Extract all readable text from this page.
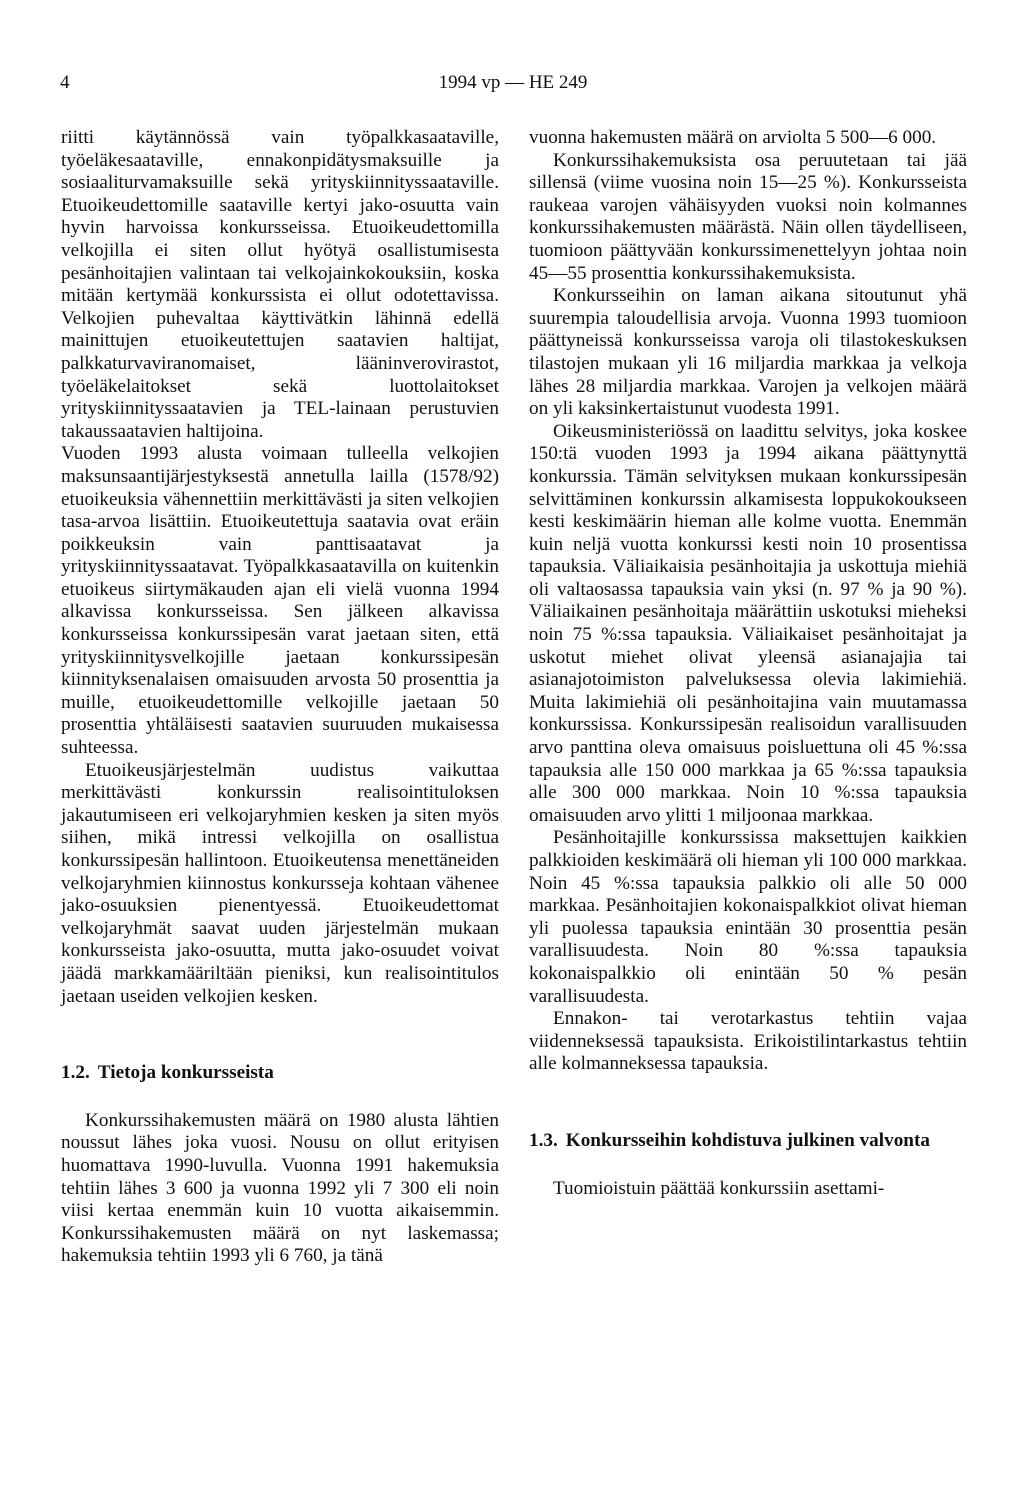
4	1994 vp — HE 249

riitti käytännössä vain työpalkkasaataville, työeläkesaataville, ennakonpidätysmaksuille ja sosiaaliturvamaksuille sekä yrityskiinnityssaataville. Etuoikeudettomille saataville kertyi jako-osuutta vain hyvin harvoissa konkursseissa. Etuoikeudettomilla velkojilla ei siten ollut hyötyä osallistumisesta pesänhoitajien valintaan tai velkojainkokouksiin, koska mitään kertymää konkurssista ei ollut odotettavissa. Velkojien puhevaltaa käyttivätkin lähinnä edellä mainittujen etuoikeutettujen saatavien haltijat, palkkaturvaviranomaiset, lääninverovirastot, työeläkelaitokset sekä luottolaitokset yrityskiinnityssaatavien ja TEL-lainaan perustuvien takaussaatavien haltijoina.

Vuoden 1993 alusta voimaan tulleella velkojien maksunsaantijärjestyksestä annetulla lailla (1578/92) etuoikeuksia vähennettiin merkittävästi ja siten velkojien tasa-arvoa lisättiin. Etuoikeutettuja saatavia ovat eräin poikkeuksin vain panttisaatavat ja yrityskiinnityssaatavat. Työpalkkasaatavilla on kuitenkin etuoikeus siirtymäkauden ajan eli vielä vuonna 1994 alkavissa konkursseissa. Sen jälkeen alkavissa konkursseissa konkurssipesän varat jaetaan siten, että yrityskiinnitysvelkojille jaetaan konkurssipesän kiinnityksenalaisen omaisuuden arvosta 50 prosenttia ja muille, etuoikeudettomille velkojille jaetaan 50 prosenttia yhtäläisesti saatavien suuruuden mukaisessa suhteessa.

Etuoikeusjärjestelmän uudistus vaikuttaa merkittävästi konkurssin realisointituloksen jakautumiseen eri velkojaryhmien kesken ja siten myös siihen, mikä intressi velkojilla on osallistua konkurssipesän hallintoon. Etuoikeutensa menettäneiden velkojaryhmien kiinnostus konkursseja kohtaan vähenee jako-osuuksien pienentyessä. Etuoikeudettomat velkojaryhmät saavat uuden järjestelmän mukaan konkursseista jako-osuutta, mutta jako-osuudet voivat jäädä markkamääriltään pieniksi, kun realisointitulos jaetaan useiden velkojien kesken.

1.2. Tietoja konkursseista

Konkurssihakemusten määrä on 1980 alusta lähtien noussut lähes joka vuosi. Nousu on ollut erityisen huomattava 1990-luvulla. Vuonna 1991 hakemuksia tehtiin lähes 3 600 ja vuonna 1992 yli 7 300 eli noin viisi kertaa enemmän kuin 10 vuotta aikaisemmin. Konkurssihakemusten määrä on nyt laskemassa; hakemuksia tehtiin 1993 yli 6 760, ja tänä

vuonna hakemusten määrä on arviolta 5 500—6 000.

Konkurssihakemuksista osa peruutetaan tai jää sillensä (viime vuosina noin 15—25 %). Konkursseista raukeaa varojen vähäisyyden vuoksi noin kolmannes konkurssihakemusten määrästä. Näin ollen täydelliseen, tuomioon päättyvään konkurssimenettelyyn johtaa noin 45—55 prosenttia konkurssihakemuksista.

Konkursseihin on laman aikana sitoutunut yhä suurempia taloudellisia arvoja. Vuonna 1993 tuomioon päättyneissä konkursseissa varoja oli tilastokeskuksen tilastojen mukaan yli 16 miljardia markkaa ja velkoja lähes 28 miljardia markkaa. Varojen ja velkojen määrä on yli kaksinkertaistunut vuodesta 1991.

Oikeusministeriössä on laadittu selvitys, joka koskee 150:tä vuoden 1993 ja 1994 aikana päättynyttä konkurssia. Tämän selvityksen mukaan konkurssipesän selvittäminen konkurssin alkamisesta loppukokoukseen kesti keskimäärin hieman alle kolme vuotta. Enemmän kuin neljä vuotta konkurssi kesti noin 10 prosentissa tapauksia. Väliaikaisia pesänhoitajia ja uskottuja miehiä oli valtaosassa tapauksia vain yksi (n. 97 % ja 90 %). Väliaikainen pesänhoitaja määrättiin uskotuksi mieheksi noin 75 %:ssa tapauksia. Väliaikaiset pesänhoitajat ja uskotut miehet olivat yleensä asianajajia tai asianajotoimiston palveluksessa olevia lakimiehiä. Muita lakimiehiä oli pesänhoitajina vain muutamassa konkurssissa. Konkurssipesän realisoidun varallisuuden arvo panttina oleva omaisuus poisluettuna oli 45 %:ssa tapauksia alle 150 000 markkaa ja 65 %:ssa tapauksia alle 300 000 markkaa. Noin 10 %:ssa tapauksia omaisuuden arvo ylitti 1 miljoonaa markkaa.

Pesänhoitajille konkurssissa maksettujen kaikkien palkkioiden keskimäärä oli hieman yli 100 000 markkaa. Noin 45 %:ssa tapauksia palkkio oli alle 50 000 markkaa. Pesänhoitajien kokonaispalkkiot olivat hieman yli puolessa tapauksia enintään 30 prosenttia pesän varallisuudesta. Noin 80 %:ssa tapauksia kokonaispalkkio oli enintään 50 % pesän varallisuudesta.

Ennakon- tai verotarkastus tehtiin vajaa viidenneksessä tapauksista. Erikoistilintarkastus tehtiin alle kolmanneksessa tapauksia.

1.3. Konkursseihin kohdistuva julkinen valvonta

Tuomioistuin päättää konkurssiin asettami-
